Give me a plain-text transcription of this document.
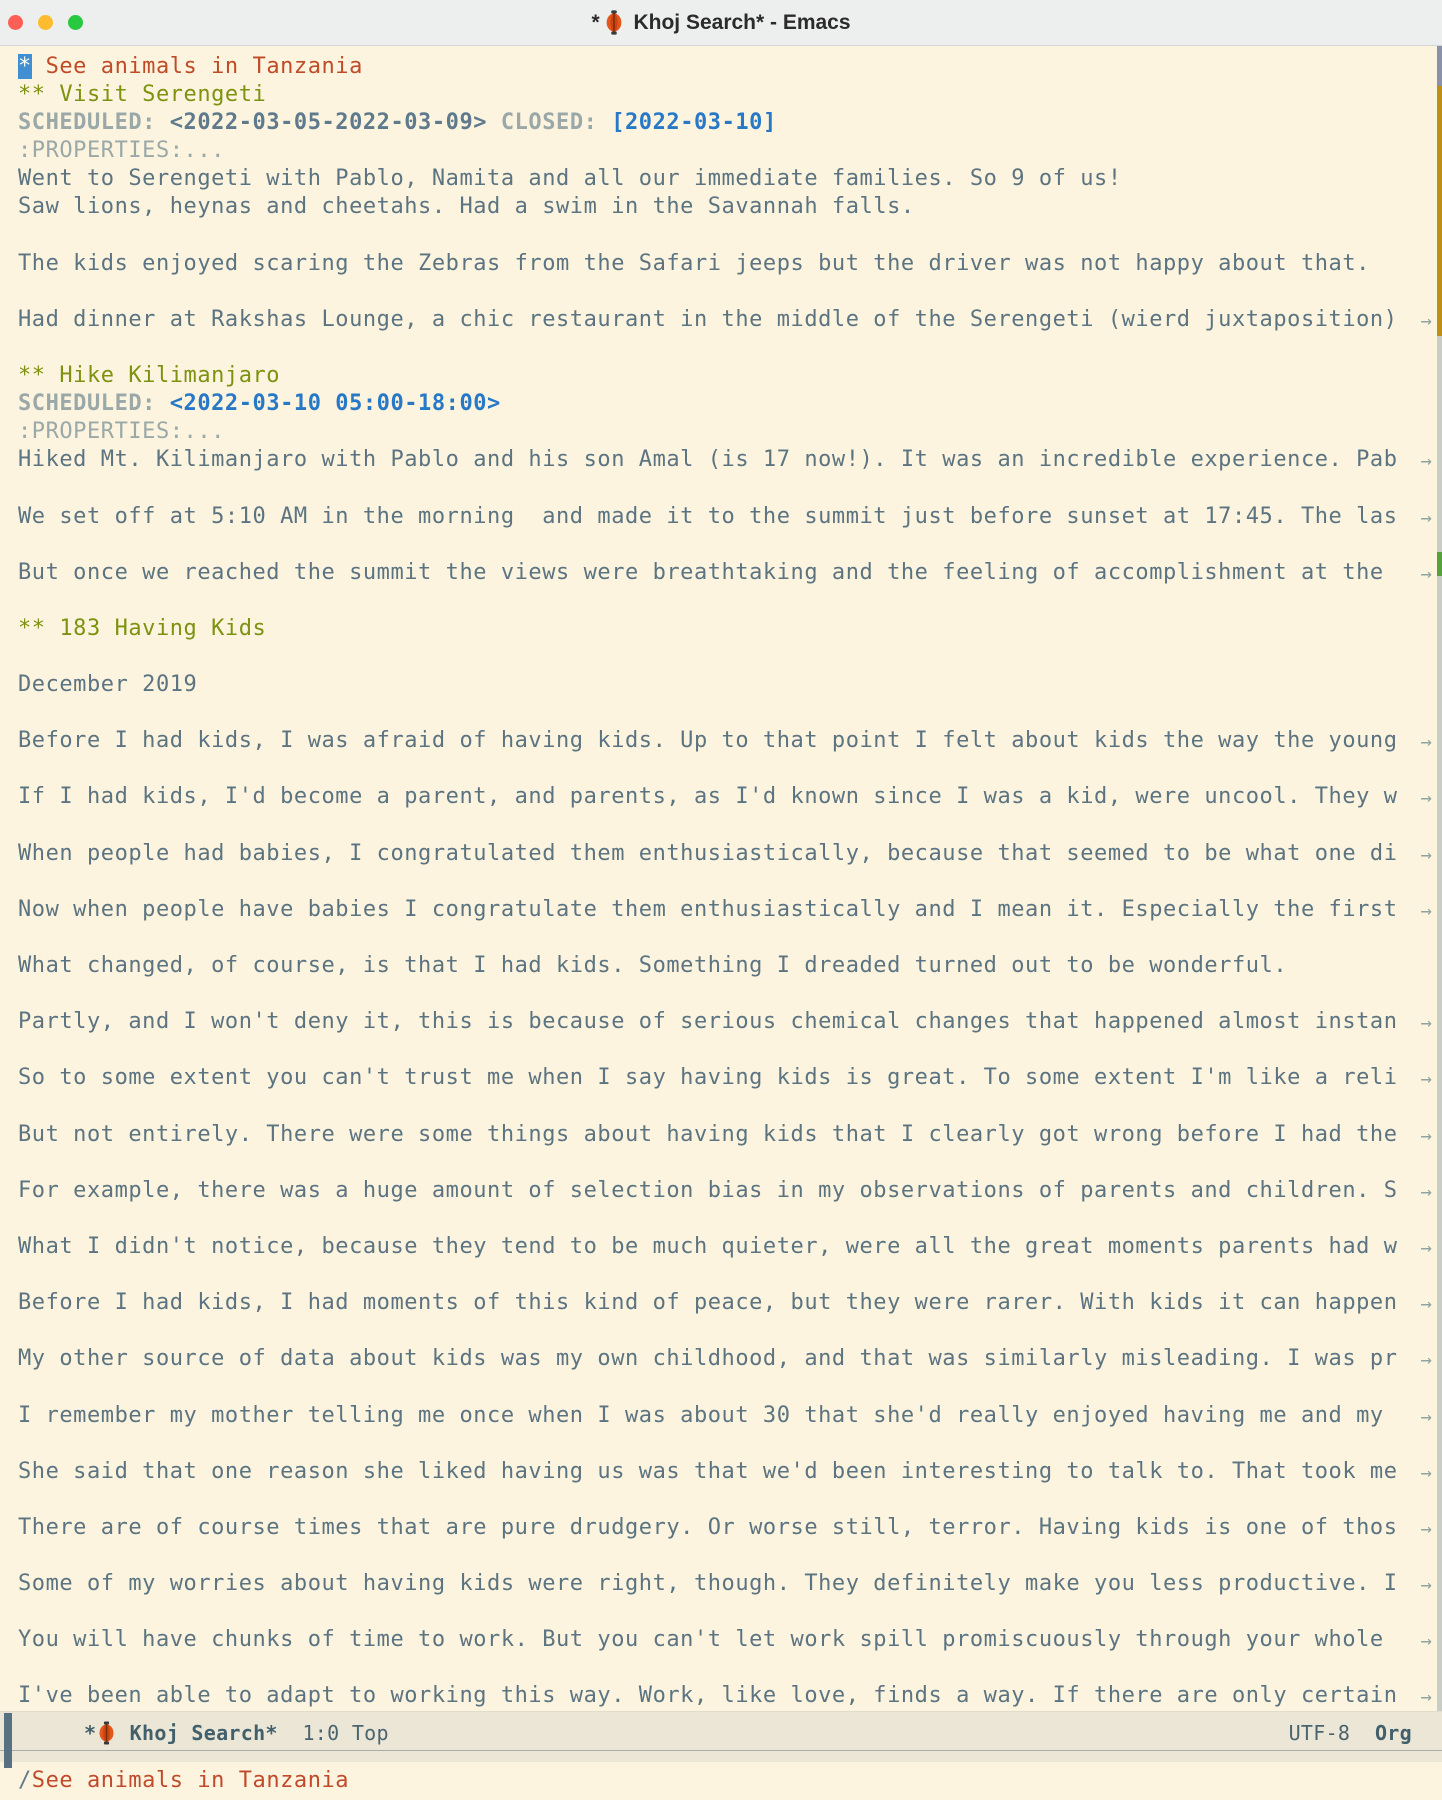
* Khoj Search* - Emacs
* See animals in Tanzania
** Visit Serengeti
SCHEDULED: <2022-03-05-2022-03-09> CLOSED: [2022-03-10]
:PROPERTIES:...
Went to Serengeti with Pablo, Namita and all our immediate families. So 9 of us!
Saw lions, heynas and cheetahs. Had a swim in the Savannah falls.
The kids enjoyed scaring the Zebras from the Safari jeeps but the driver was not happy about that.
Had dinner at Rakshas Lounge, a chic restaurant in the middle of the Serengeti (wierd juxtaposition) →
** Hike Kilimanjaro
SCHEDULED: <2022-03-10 05:00-18:00>
:PROPERTIES:...
Hiked Mt. Kilimanjaro with Pablo and his son Amal (is 17 now!). It was an incredible experience. Pab →
We set off at 5:10 AM in the morning  and made it to the summit just before sunset at 17:45. The las →
But once we reached the summit the views were breathtaking and the feeling of accomplishment at the →
** 183 Having Kids
December 2019
Before I had kids, I was afraid of having kids. Up to that point I felt about kids the way the young →
If I had kids, I'd become a parent, and parents, as I'd known since I was a kid, were uncool. They w →
When people had babies, I congratulated them enthusiastically, because that seemed to be what one di →
Now when people have babies I congratulate them enthusiastically and I mean it. Especially the first →
What changed, of course, is that I had kids. Something I dreaded turned out to be wonderful.
Partly, and I won't deny it, this is because of serious chemical changes that happened almost instan →
So to some extent you can't trust me when I say having kids is great. To some extent I'm like a reli →
But not entirely. There were some things about having kids that I clearly got wrong before I had the →
For example, there was a huge amount of selection bias in my observations of parents and children. S →
What I didn't notice, because they tend to be much quieter, were all the great moments parents had w →
Before I had kids, I had moments of this kind of peace, but they were rarer. With kids it can happen →
My other source of data about kids was my own childhood, and that was similarly misleading. I was pr →
I remember my mother telling me once when I was about 30 that she'd really enjoyed having me and my →
She said that one reason she liked having us was that we'd been interesting to talk to. That took me →
There are of course times that are pure drudgery. Or worse still, terror. Having kids is one of thos →
Some of my worries about having kids were right, though. They definitely make you less productive. I →
You will have chunks of time to work. But you can't let work spill promiscuously through your whole →
I've been able to adapt to working this way. Work, like love, finds a way. If there are only certain →
* Khoj Search* 1:0 Top	UTF-8 Org
/See animals in Tanzania
